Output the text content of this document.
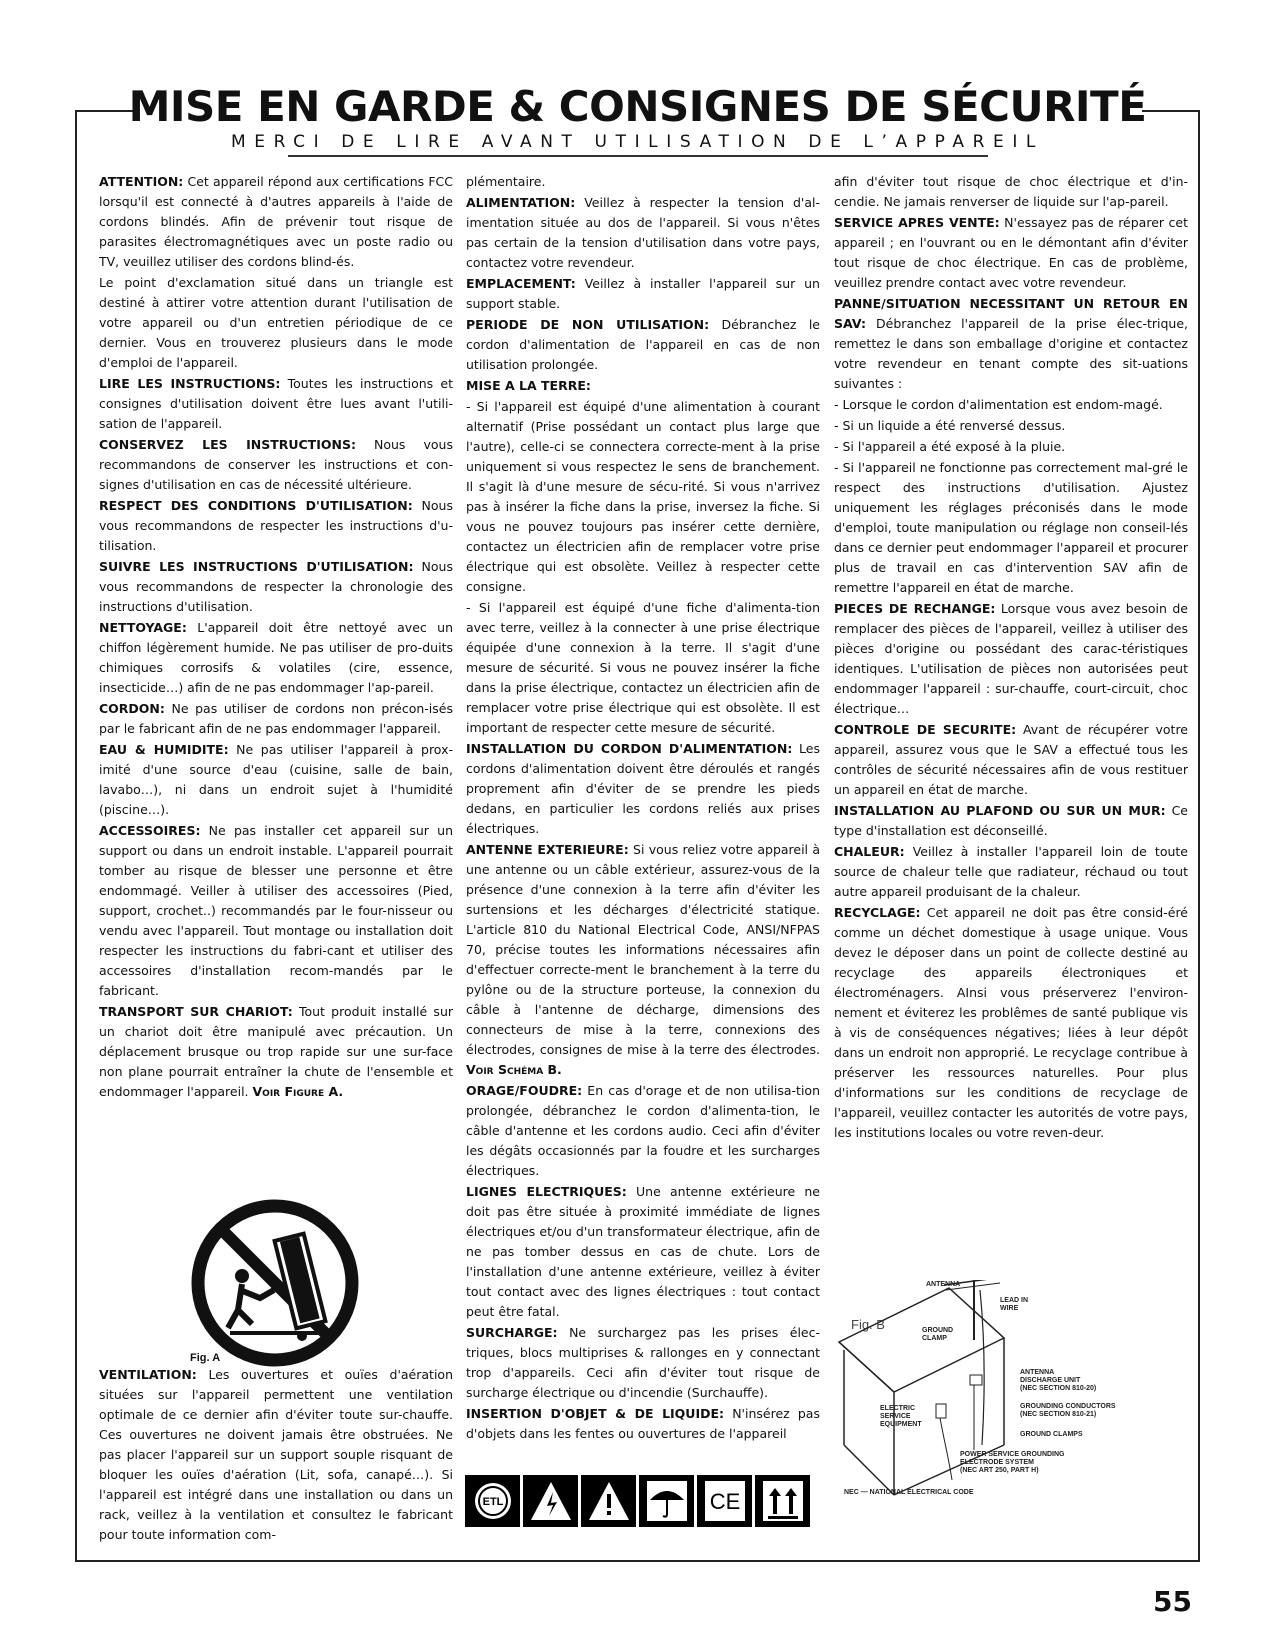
MISE EN GARDE & CONSIGNES DE SÉCURITÉ
MERCI DE LIRE AVANT UTILISATION DE L’APPAREIL

ATTENTION: Cet appareil répond aux certifications FCC lorsqu'il est connecté à d'autres appareils à l'aide de cordons blindés. Afin de prévenir tout risque de parasites électromagnétiques avec un poste radio ou TV, veuillez utiliser des cordons blind-és.

Le point d'exclamation situé dans un triangle est destiné à attirer votre attention durant l'utilisation de votre appareil ou d'un entretien périodique de ce dernier. Vous en trouverez plusieurs dans le mode d'emploi de l'appareil.

LIRE LES INSTRUCTIONS: Toutes les instructions et consignes d'utilisation doivent être lues avant l'utili-sation de l'appareil.

CONSERVEZ LES INSTRUCTIONS: Nous vous recommandons de conserver les instructions et con-signes d'utilisation en cas de nécessité ultérieure.

RESPECT DES CONDITIONS D'UTILISATION: Nous vous recommandons de respecter les instructions d'u-tilisation.

SUIVRE LES INSTRUCTIONS D'UTILISATION: Nous vous recommandons de respecter la chronologie des instructions d'utilisation.

NETTOYAGE: L'appareil doit être nettoyé avec un chiffon légèrement humide. Ne pas utiliser de pro-duits chimiques corrosifs & volatiles (cire, essence, insecticide…) afin de ne pas endommager l'ap-pareil.

CORDON: Ne pas utiliser de cordons non précon-isés par le fabricant afin de ne pas endommager l'appareil.

EAU & HUMIDITE: Ne pas utiliser l'appareil à prox-imité d'une source d'eau (cuisine, salle de bain, lavabo…), ni dans un endroit sujet à l'humidité (piscine…).

ACCESSOIRES: Ne pas installer cet appareil sur un support ou dans un endroit instable. L'appareil pourrait tomber au risque de blesser une personne et être endommagé. Veiller à utiliser des accessoires (Pied, support, crochet..) recommandés par le four-nisseur ou vendu avec l'appareil. Tout montage ou installation doit respecter les instructions du fabri-cant et utiliser des accessoires d'installation recom-mandés par le fabricant.

TRANSPORT SUR CHARIOT: Tout produit installé sur un chariot doit être manipulé avec précaution. Un déplacement brusque ou trop rapide sur une sur-face non plane pourrait entraîner la chute de l'ensemble et endommager l'appareil. Voir Figure A.

VENTILATION: Les ouvertures et ouïes d'aération situées sur l'appareil permettent une ventilation optimale de ce dernier afin d'éviter toute sur-chauffe. Ces ouvertures ne doivent jamais être obstruées. Ne pas placer l'appareil sur un support souple risquant de bloquer les ouïes d'aération (Lit, sofa, canapé…). Si l'appareil est intégré dans une installation ou dans un rack, veillez à la ventilation et consultez le fabricant pour toute information com-

plémentaire.

ALIMENTATION: Veillez à respecter la tension d'al-imentation située au dos de l'appareil. Si vous n'êtes pas certain de la tension d'utilisation dans votre pays, contactez votre revendeur.

EMPLACEMENT: Veillez à installer l'appareil sur un support stable.

PERIODE DE NON UTILISATION: Débranchez le cordon d'alimentation de l'appareil en cas de non utilisation prolongée.

MISE A LA TERRE:

- Si l'appareil est équipé d'une alimentation à courant alternatif (Prise possédant un contact plus large que l'autre), celle-ci se connectera correcte-ment à la prise uniquement si vous respectez le sens de branchement. Il s'agit là d'une mesure de sécu-rité. Si vous n'arrivez pas à insérer la fiche dans la prise, inversez la fiche. Si vous ne pouvez toujours pas insérer cette dernière, contactez un électricien afin de remplacer votre prise électrique qui est obsolète. Veillez à respecter cette consigne.

- Si l'appareil est équipé d'une fiche d'alimenta-tion avec terre, veillez à la connecter à une prise électrique équipée d'une connexion à la terre. Il s'agit d'une mesure de sécurité. Si vous ne pouvez insérer la fiche dans la prise électrique, contactez un électricien afin de remplacer votre prise électrique qui est obsolète. Il est important de respecter cette mesure de sécurité.

INSTALLATION DU CORDON D'ALIMENTATION: Les cordons d'alimentation doivent être déroulés et rangés proprement afin d'éviter de se prendre les pieds dedans, en particulier les cordons reliés aux prises électriques.

ANTENNE EXTERIEURE: Si vous reliez votre appareil à une antenne ou un câble extérieur, assurez-vous de la présence d'une connexion à la terre afin d'éviter les surtensions et les décharges d'électricité statique. L'article 810 du National Electrical Code, ANSI/NFPAS 70, précise toutes les informations nécessaires afin d'effectuer correcte-ment le branchement à la terre du pylône ou de la structure porteuse, la connexion du câble à l'antenne de décharge, dimensions des connecteurs de mise à la terre, connexions des électrodes, consignes de mise à la terre des électrodes. Voir Schéma B.

ORAGE/FOUDRE: En cas d'orage et de non utilisa-tion prolongée, débranchez le cordon d'alimenta-tion, le câble d'antenne et les cordons audio. Ceci afin d'éviter les dégâts occasionnés par la foudre et les surcharges électriques.

LIGNES ELECTRIQUES: Une antenne extérieure ne doit pas être située à proximité immédiate de lignes électriques et/ou d'un transformateur électrique, afin de ne pas tomber dessus en cas de chute. Lors de l'installation d'une antenne extérieure, veillez à éviter tout contact avec des lignes électriques : tout contact peut être fatal.

SURCHARGE: Ne surchargez pas les prises élec-triques, blocs multiprises & rallonges en y connectant trop d'appareils. Ceci afin d'éviter tout risque de surcharge électrique ou d'incendie (Surchauffe).

INSERTION D'OBJET & DE LIQUIDE: N'insérez pas d'objets dans les fentes ou ouvertures de l'appareil

afin d'éviter tout risque de choc électrique et d'in-cendie. Ne jamais renverser de liquide sur l'ap-pareil.

SERVICE APRES VENTE: N'essayez pas de réparer cet appareil ; en l'ouvrant ou en le démontant afin d'éviter tout risque de choc électrique. En cas de problème, veuillez prendre contact avec votre revendeur.

PANNE/SITUATION NECESSITANT UN RETOUR EN SAV: Débranchez l'appareil de la prise élec-trique, remettez le dans son emballage d'origine et contactez votre revendeur en tenant compte des sit-uations suivantes :

- Lorsque le cordon d'alimentation est endom-magé.

- Si un liquide a été renversé dessus.

- Si l'appareil a été exposé à la pluie.

- Si l'appareil ne fonctionne pas correctement mal-gré le respect des instructions d'utilisation. Ajustez uniquement les réglages préconisés dans le mode d'emploi, toute manipulation ou réglage non conseil-lés dans ce dernier peut endommager l'appareil et procurer plus de travail en cas d'intervention SAV afin de remettre l'appareil en état de marche.

PIECES DE RECHANGE: Lorsque vous avez besoin de remplacer des pièces de l'appareil, veillez à utiliser des pièces d'origine ou possédant des carac-téristiques identiques. L'utilisation de pièces non autorisées peut endommager l'appareil : sur-chauffe, court-circuit, choc électrique…

CONTROLE DE SECURITE: Avant de récupérer votre appareil, assurez vous que le SAV a effectué tous les contrôles de sécurité nécessaires afin de vous restituer un appareil en état de marche.

INSTALLATION AU PLAFOND OU SUR UN MUR: Ce type d'installation est déconseillé.

CHALEUR: Veillez à installer l'appareil loin de toute source de chaleur telle que radiateur, réchaud ou tout autre appareil produisant de la chaleur.

RECYCLAGE: Cet appareil ne doit pas être consid-éré comme un déchet domestique à usage unique. Vous devez le déposer dans un point de collecte destiné au recyclage des appareils électroniques et électroménagers. AInsi vous préserverez l'environ-nement et éviterez les problêmes de santé publique vis à vis de conséquences négatives; liées à leur dépôt dans un endroit non approprié. Le recyclage contribue à préserver les ressources naturelles. Pour plus d'informations sur les conditions de recyclage de l'appareil, veuillez contacter les autorités de votre pays, les institutions locales ou votre reven-deur.

Fig. A
Fig. B
ANTENNA
LEAD IN
WIRE
GROUND
CLAMP
ANTENNA
DISCHARGE UNIT
(NEC SECTION 810-20)
GROUNDING CONDUCTORS
(NEC SECTION 810-21)
GROUND CLAMPS
ELECTRIC
SERVICE
EQUIPMENT
POWER SERVICE GROUNDING
ELECTRODE SYSTEM
(NEC ART 250, PART H)
NEC — NATIONAL ELECTRICAL CODE
ETL	CE
55
